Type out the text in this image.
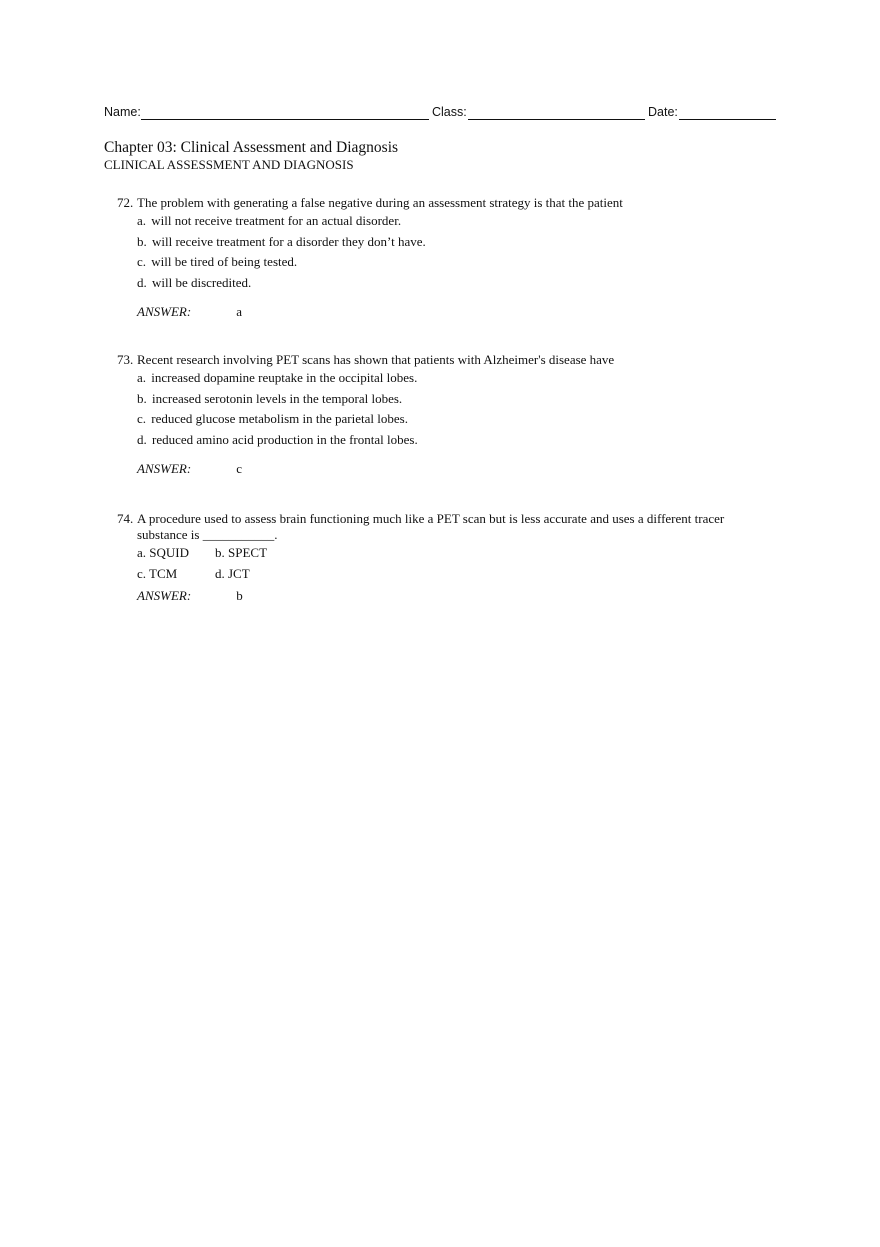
Name:	Class:	Date:
Chapter 03: Clinical Assessment and Diagnosis
CLINICAL ASSESSMENT AND DIAGNOSIS
72. The problem with generating a false negative during an assessment strategy is that the patient
a. will not receive treatment for an actual disorder.
b. will receive treatment for a disorder they don’t have.
c. will be tired of being tested.
d. will be discredited.
ANSWER:	a
73. Recent research involving PET scans has shown that patients with Alzheimer's disease have
a. increased dopamine reuptake in the occipital lobes.
b. increased serotonin levels in the temporal lobes.
c. reduced glucose metabolism in the parietal lobes.
d. reduced amino acid production in the frontal lobes.
ANSWER:	c
74. A procedure used to assess brain functioning much like a PET scan but is less accurate and uses a different tracer
substance is ___________.
a. SQUID	b. SPECT
c. TCM	d. JCT
ANSWER:	b
